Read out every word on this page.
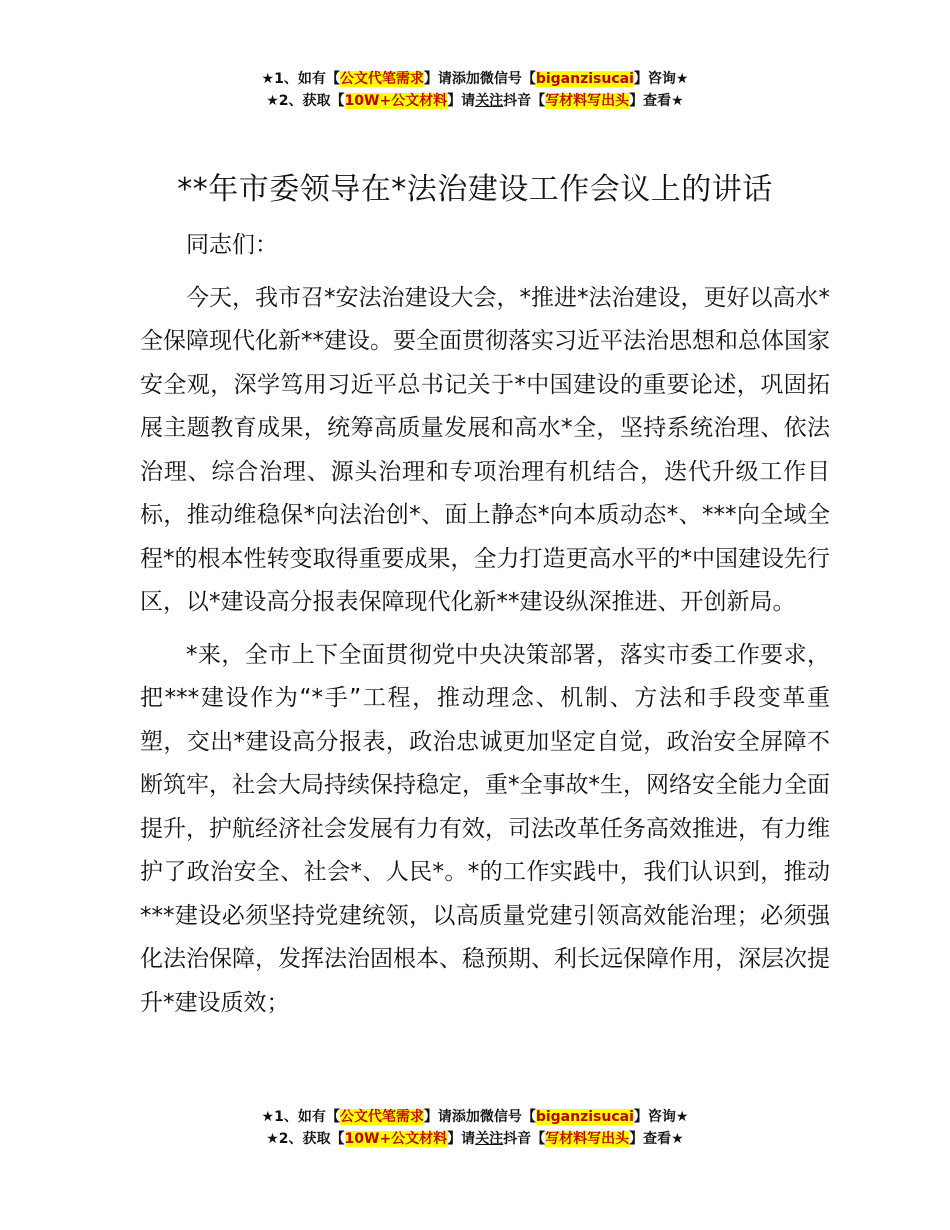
★1、如有【公文代笔需求】请添加微信号【biganzisucai】咨询★
★2、获取【10W+公文材料】请关注抖音【写材料写出头】查看★
**年市委领导在*法治建设工作会议上的讲话

同志们：

今天，我市召*安法治建设大会，*推进*法治建设，更好以高水*全保障现代化新**建设。要全面贯彻落实习近平法治思想和总体国家安全观，深学笃用习近平总书记关于*中国建设的重要论述，巩固拓展主题教育成果，统筹高质量发展和高水*全，坚持系统治理、依法治理、综合治理、源头治理和专项治理有机结合，迭代升级工作目标，推动维稳保*向法治创*、面上静态*向本质动态*、***向全域全程*的根本性转变取得重要成果，全力打造更高水平的*中国建设先行区，以*建设高分报表保障现代化新**建设纵深推进、开创新局。

*来，全市上下全面贯彻党中央决策部署，落实市委工作要求，把***建设作为“*手”工程，推动理念、机制、方法和手段变革重塑，交出*建设高分报表，政治忠诚更加坚定自觉，政治安全屏障不断筑牢，社会大局持续保持稳定，重*全事故*生，网络安全能力全面提升，护航经济社会发展有力有效，司法改革任务高效推进，有力维护了政治安全、社会*、人民*。*的工作实践中，我们认识到，推动***建设必须坚持党建统领，以高质量党建引领高效能治理；必须强化法治保障，发挥法治固根本、稳预期、利长远保障作用，深层次提升*建设质效；

★1、如有【公文代笔需求】请添加微信号【biganzisucai】咨询★
★2、获取【10W+公文材料】请关注抖音【写材料写出头】查看★
